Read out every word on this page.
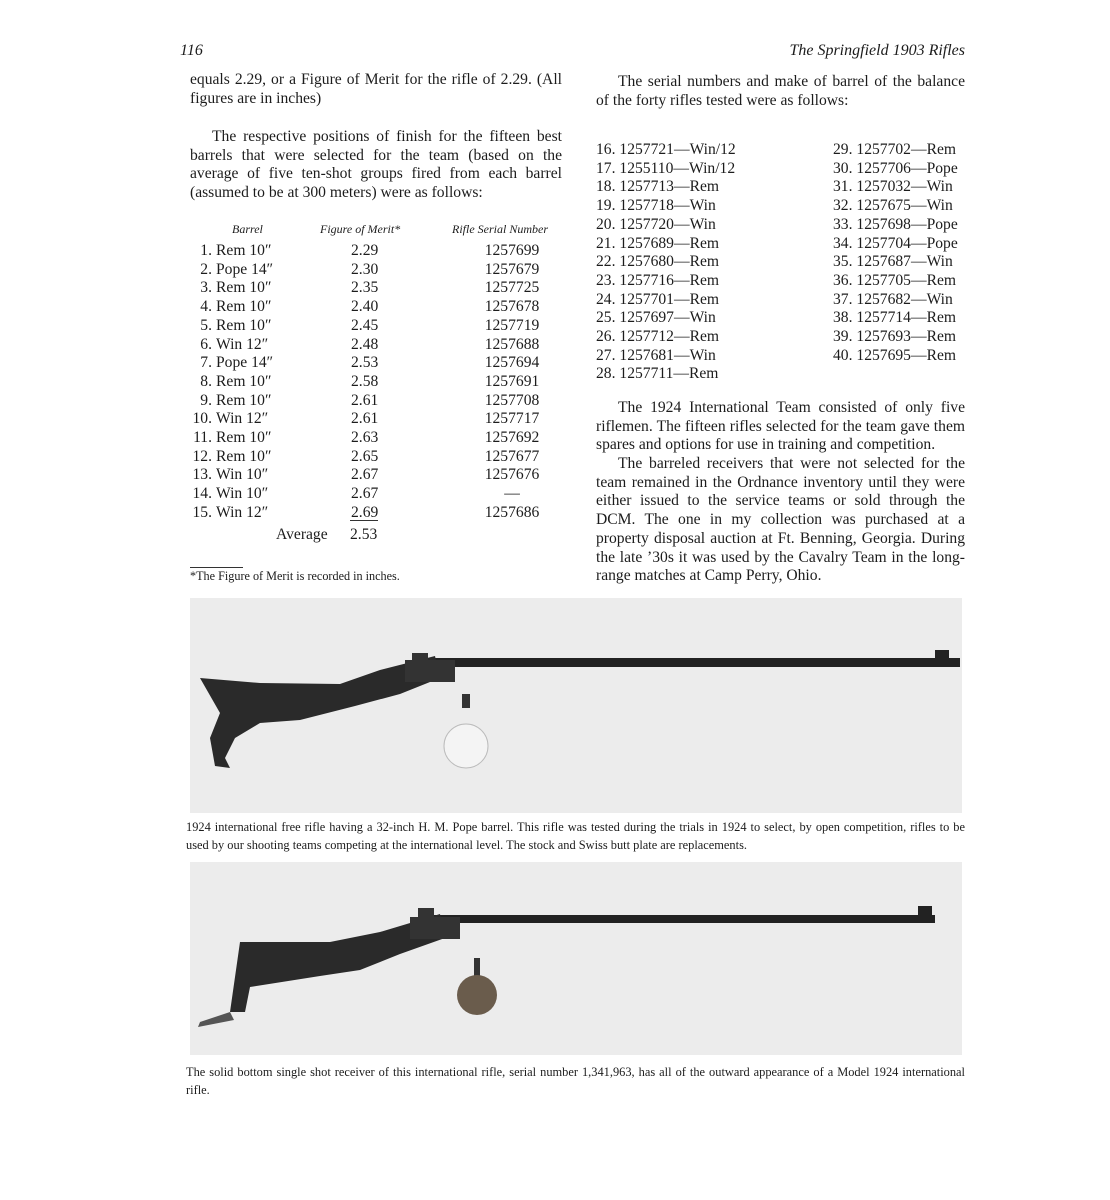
116	The Springfield 1903 Rifles
equals 2.29, or a Figure of Merit for the rifle of 2.29. (All figures are in inches)
The respective positions of finish for the fifteen best barrels that were selected for the team (based on the average of five ten-shot groups fired from each barrel (assumed to be at 300 meters) were as follows:
Barrel	Figure of Merit*	Rifle Serial Number
1. Rem 10″	2.29	1257699
2. Pope 14″	2.30	1257679
3. Rem 10″	2.35	1257725
4. Rem 10″	2.40	1257678
5. Rem 10″	2.45	1257719
6. Win 12″	2.48	1257688
7. Pope 14″	2.53	1257694
8. Rem 10″	2.58	1257691
9. Rem 10″	2.61	1257708
10. Win 12″	2.61	1257717
11. Rem 10″	2.63	1257692
12. Rem 10″	2.65	1257677
13. Win 10″	2.67	1257676
14. Win 10″	2.67	—
15. Win 12″	2.69	1257686
Average 2.53
*The Figure of Merit is recorded in inches.
The serial numbers and make of barrel of the balance of the forty rifles tested were as follows:
16. 1257721—Win/12
17. 1255110—Win/12
18. 1257713—Rem
19. 1257718—Win
20. 1257720—Win
21. 1257689—Rem
22. 1257680—Rem
23. 1257716—Rem
24. 1257701—Rem
25. 1257697—Win
26. 1257712—Rem
27. 1257681—Win
28. 1257711—Rem
29. 1257702—Rem
30. 1257706—Pope
31. 1257032—Win
32. 1257675—Win
33. 1257698—Pope
34. 1257704—Pope
35. 1257687—Win
36. 1257705—Rem
37. 1257682—Win
38. 1257714—Rem
39. 1257693—Rem
40. 1257695—Rem
The 1924 International Team consisted of only five riflemen. The fifteen rifles selected for the team gave them spares and options for use in training and competition.
The barreled receivers that were not selected for the team remained in the Ordnance inventory until they were either issued to the service teams or sold through the DCM. The one in my collection was purchased at a property disposal auction at Ft. Benning, Georgia. During the late ’30s it was used by the Cavalry Team in the long-range matches at Camp Perry, Ohio.
1924 international free rifle having a 32-inch H. M. Pope barrel. This rifle was tested during the trials in 1924 to select, by open competition, rifles to be used by our shooting teams competing at the international level. The stock and Swiss butt plate are replacements.
The solid bottom single shot receiver of this international rifle, serial number 1,341,963, has all of the outward appearance of a Model 1924 international rifle.
